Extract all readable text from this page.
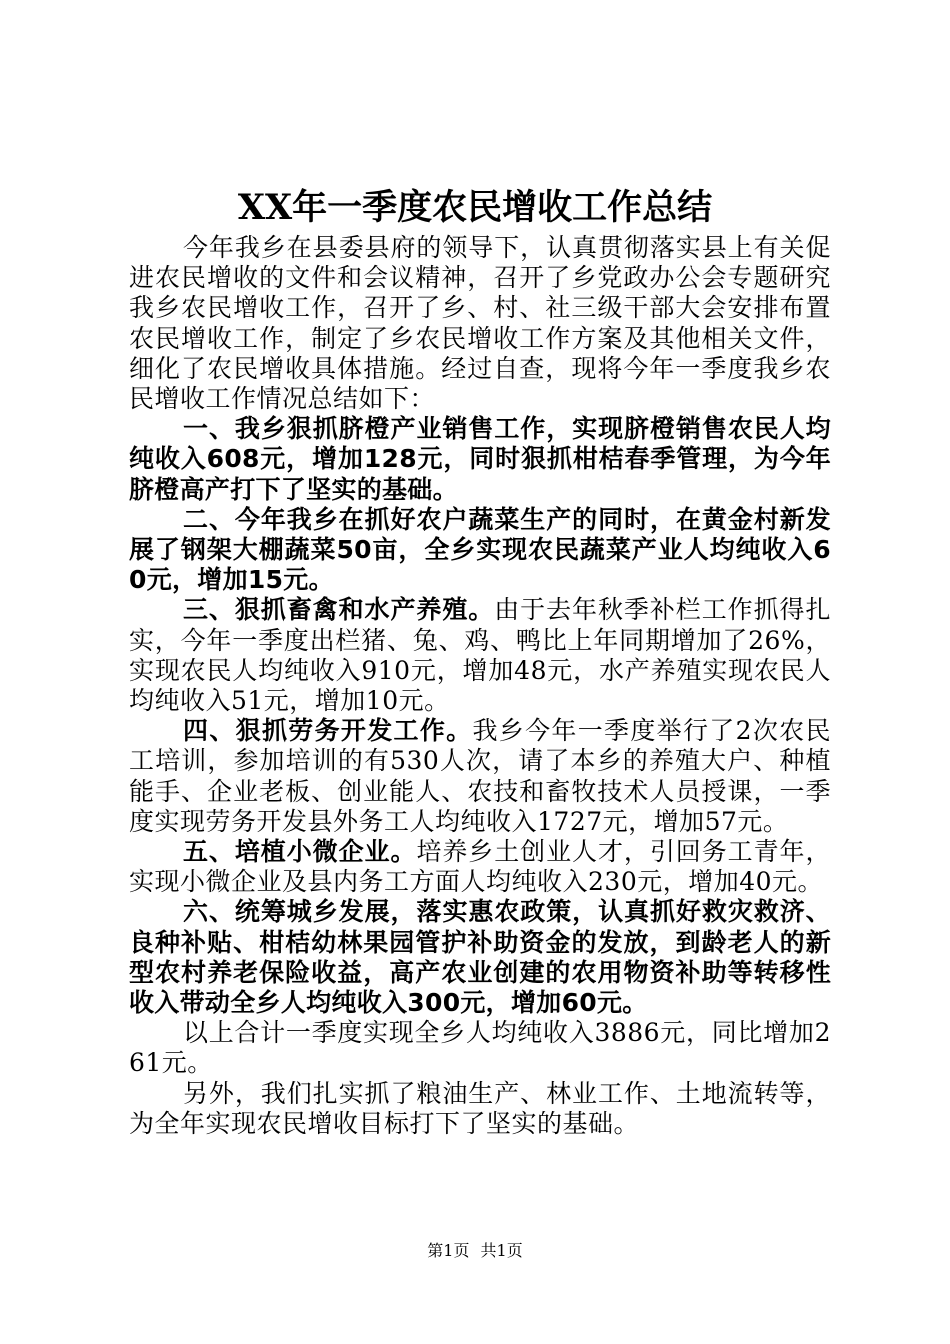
XX年一季度农民增收工作总结

今年我乡在县委县府的领导下，认真贯彻落实县上有关促进农民增收的文件和会议精神，召开了乡党政办公会专题研究我乡农民增收工作，召开了乡、村、社三级干部大会安排布置农民增收工作，制定了乡农民增收工作方案及其他相关文件，细化了农民增收具体措施。经过自查，现将今年一季度我乡农民增收工作情况总结如下：

一、我乡狠抓脐橙产业销售工作，实现脐橙销售农民人均纯收入608元，增加128元，同时狠抓柑桔春季管理，为今年脐橙高产打下了坚实的基础。

二、今年我乡在抓好农户蔬菜生产的同时，在黄金村新发展了钢架大棚蔬菜50亩，全乡实现农民蔬菜产业人均纯收入60元，增加15元。

三、狠抓畜禽和水产养殖。由于去年秋季补栏工作抓得扎实，今年一季度出栏猪、兔、鸡、鸭比上年同期增加了26%，实现农民人均纯收入910元，增加48元，水产养殖实现农民人均纯收入51元，增加10元。

四、狠抓劳务开发工作。我乡今年一季度举行了2次农民工培训，参加培训的有530人次，请了本乡的养殖大户、种植能手、企业老板、创业能人、农技和畜牧技术人员授课，一季度实现劳务开发县外务工人均纯收入1727元，增加57元。

五、培植小微企业。培养乡土创业人才，引回务工青年，实现小微企业及县内务工方面人均纯收入230元，增加40元。

六、统筹城乡发展，落实惠农政策，认真抓好救灾救济、良种补贴、柑桔幼林果园管护补助资金的发放，到龄老人的新型农村养老保险收益，高产农业创建的农用物资补助等转移性收入带动全乡人均纯收入300元，增加60元。

以上合计一季度实现全乡人均纯收入3886元，同比增加261元。

另外，我们扎实抓了粮油生产、林业工作、土地流转等，为全年实现农民增收目标打下了坚实的基础。

第1页 共1页
